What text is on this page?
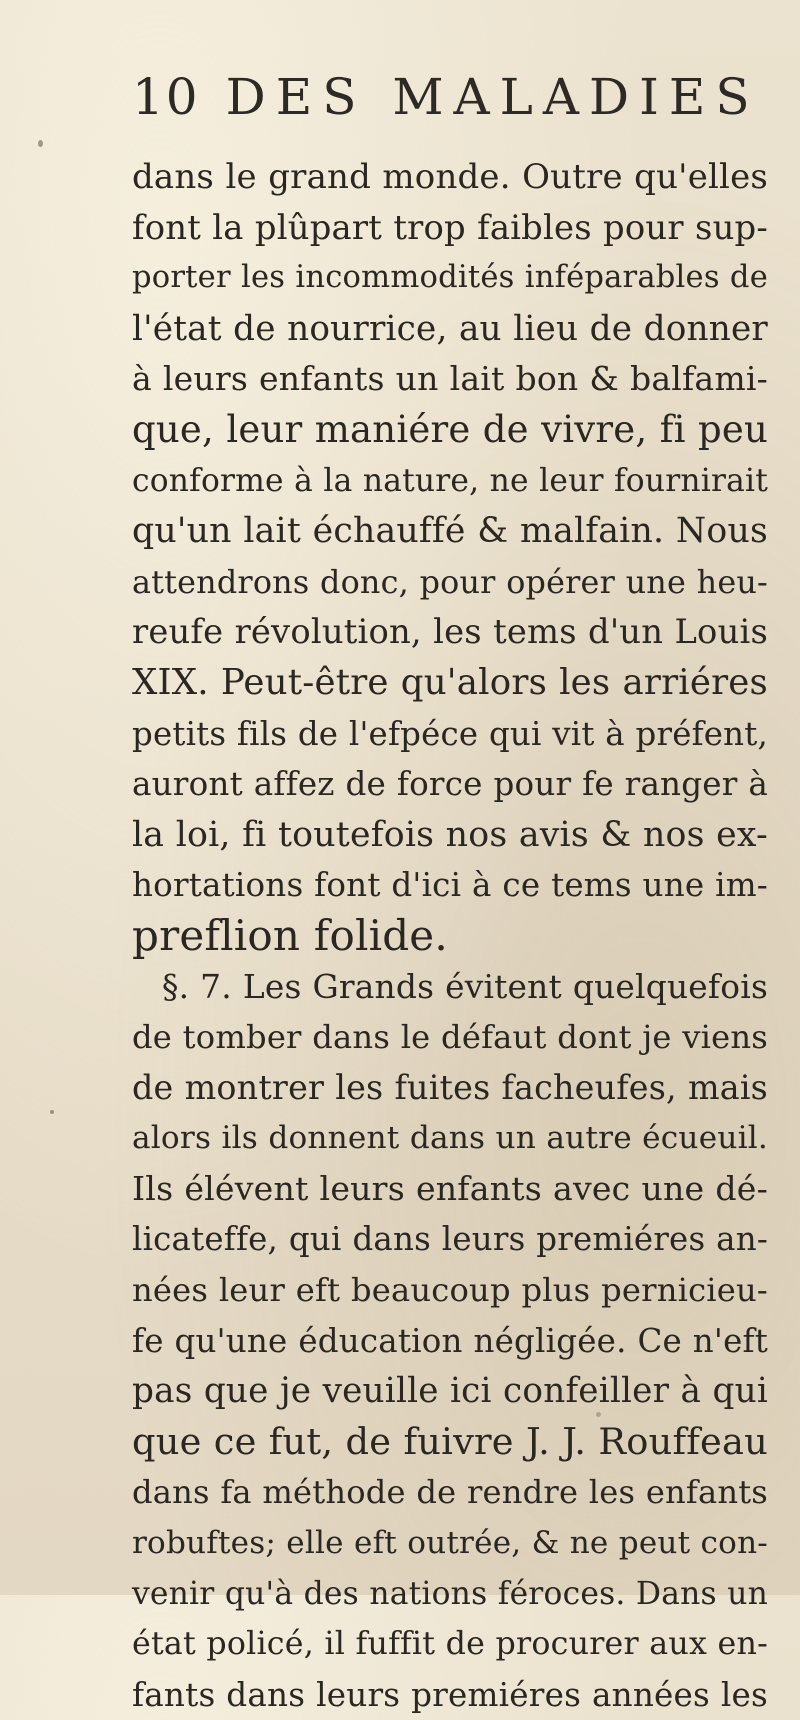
10 DES MALADIES
dans le grand monde. Outre qu'elles
font la plûpart trop faibles pour sup-
porter les incommodités inféparables de
l'état de nourrice, au lieu de donner
à leurs enfants un lait bon & balfami-
que, leur maniére de vivre, fi peu
conforme à la nature, ne leur fournirait
qu'un lait échauffé & malfain. Nous
attendrons donc, pour opérer une heu-
reufe révolution, les tems d'un Louis
XIX. Peut-être qu'alors les arriéres
petits fils de l'efpéce qui vit à préfent,
auront affez de force pour fe ranger à
la loi, fi toutefois nos avis & nos ex-
hortations font d'ici à ce tems une im-
preflion folide.
§. 7. Les Grands évitent quelquefois
de tomber dans le défaut dont je viens
de montrer les fuites facheufes, mais
alors ils donnent dans un autre écueuil.
Ils élévent leurs enfants avec une dé-
licateffe, qui dans leurs premiéres an-
nées leur eft beaucoup plus pernicieu-
fe qu'une éducation négligée. Ce n'eft
pas que je veuille ici confeiller à qui
que ce fut, de fuivre J. J. Rouffeau
dans fa méthode de rendre les enfants
robuftes; elle eft outrée, & ne peut con-
venir qu'à des nations féroces. Dans un
état policé, il fuffit de procurer aux en-
fants dans leurs premiéres années les
